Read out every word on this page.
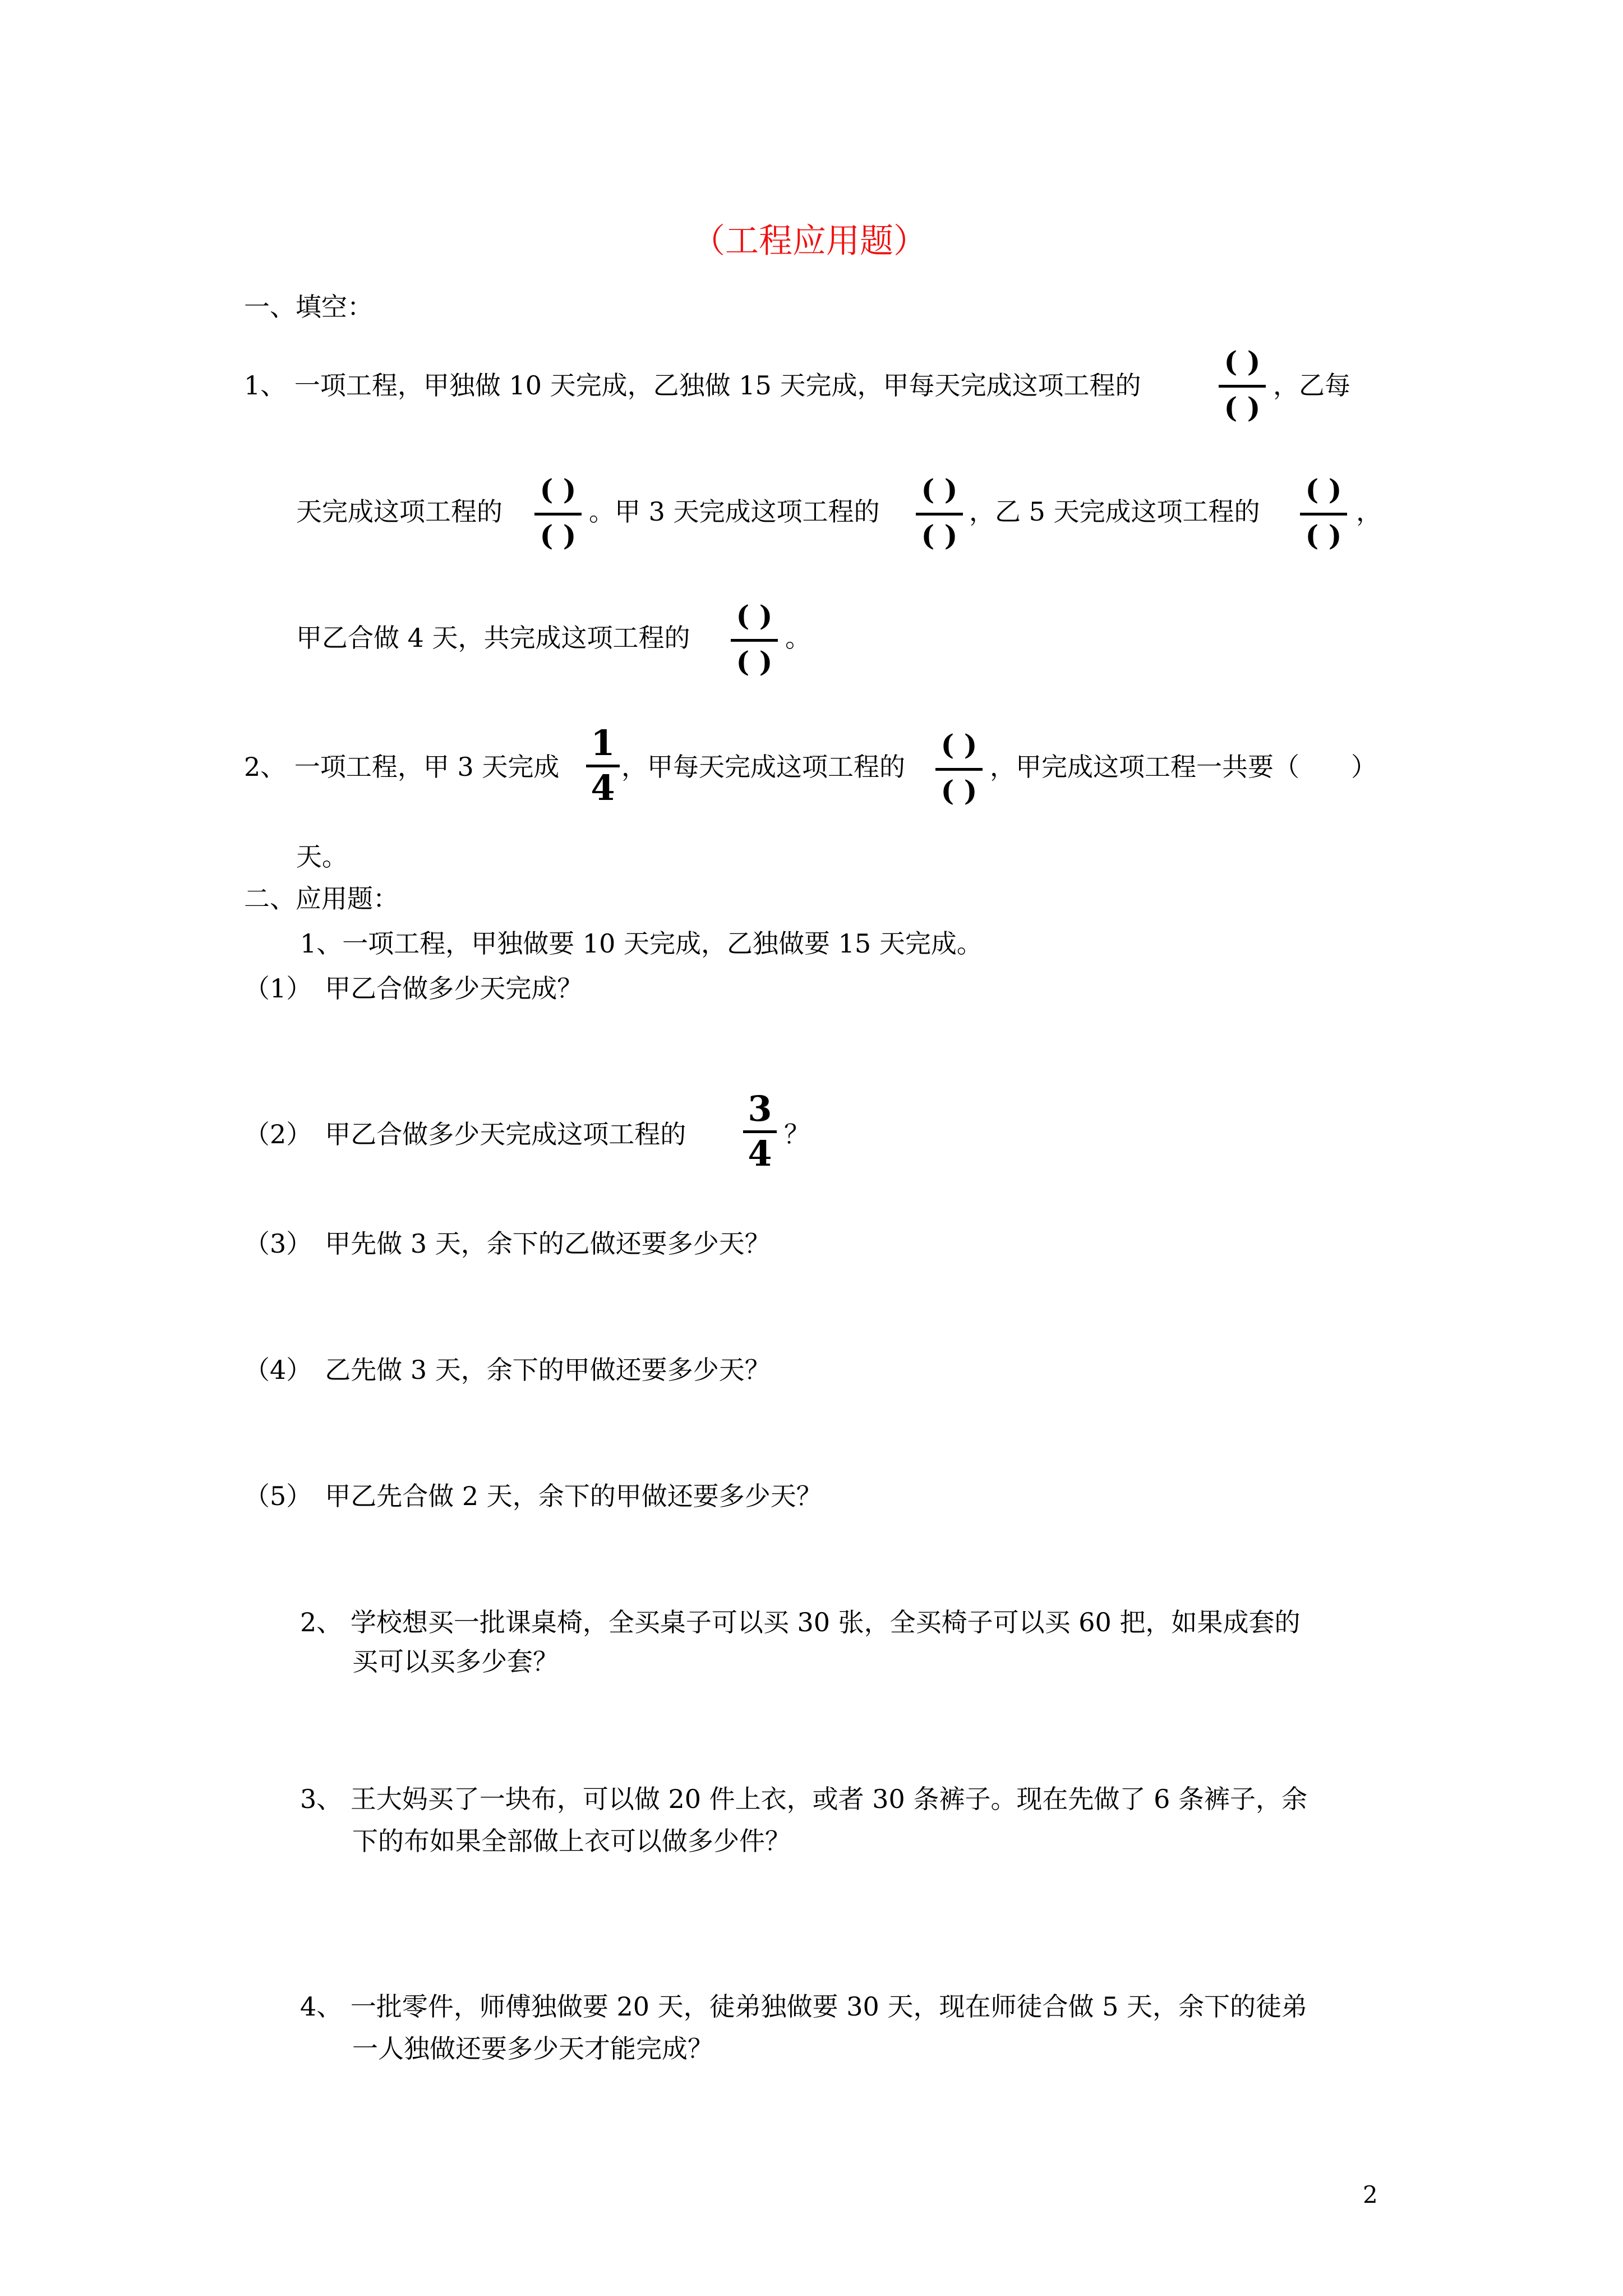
（工程应用题）
一、填空：
1、 一项工程，甲独做 10 天完成，乙独做 15 天完成，甲每天完成这项工程的
( )
( )
，乙每
天完成这项工程的
( )
( )
。甲 3 天完成这项工程的
( )
( )
，乙 5 天完成这项工程的
( )
( )
，
甲乙合做 4 天，共完成这项工程的
( )
( )
。
2、 一项工程，甲 3 天完成
1
4
，甲每天完成这项工程的
( )
( )
，甲完成这项工程一共要（　　）
天。
二、应用题：
1、一项工程，甲独做要 10 天完成，乙独做要 15 天完成。
（1）　甲乙合做多少天完成？
（2）　甲乙合做多少天完成这项工程的
3
4 ？
（3）　甲先做 3 天，余下的乙做还要多少天？
（4）　乙先做 3 天，余下的甲做还要多少天？
（5）　甲乙先合做 2 天，余下的甲做还要多少天？
2、 学校想买一批课桌椅，全买桌子可以买 30 张，全买椅子可以买 60 把，如果成套的
买可以买多少套？
3、 王大妈买了一块布，可以做 20 件上衣，或者 30 条裤子。现在先做了 6 条裤子，余
下的布如果全部做上衣可以做多少件？
4、 一批零件，师傅独做要 20 天，徒弟独做要 30 天，现在师徒合做 5 天，余下的徒弟
一人独做还要多少天才能完成？
2
